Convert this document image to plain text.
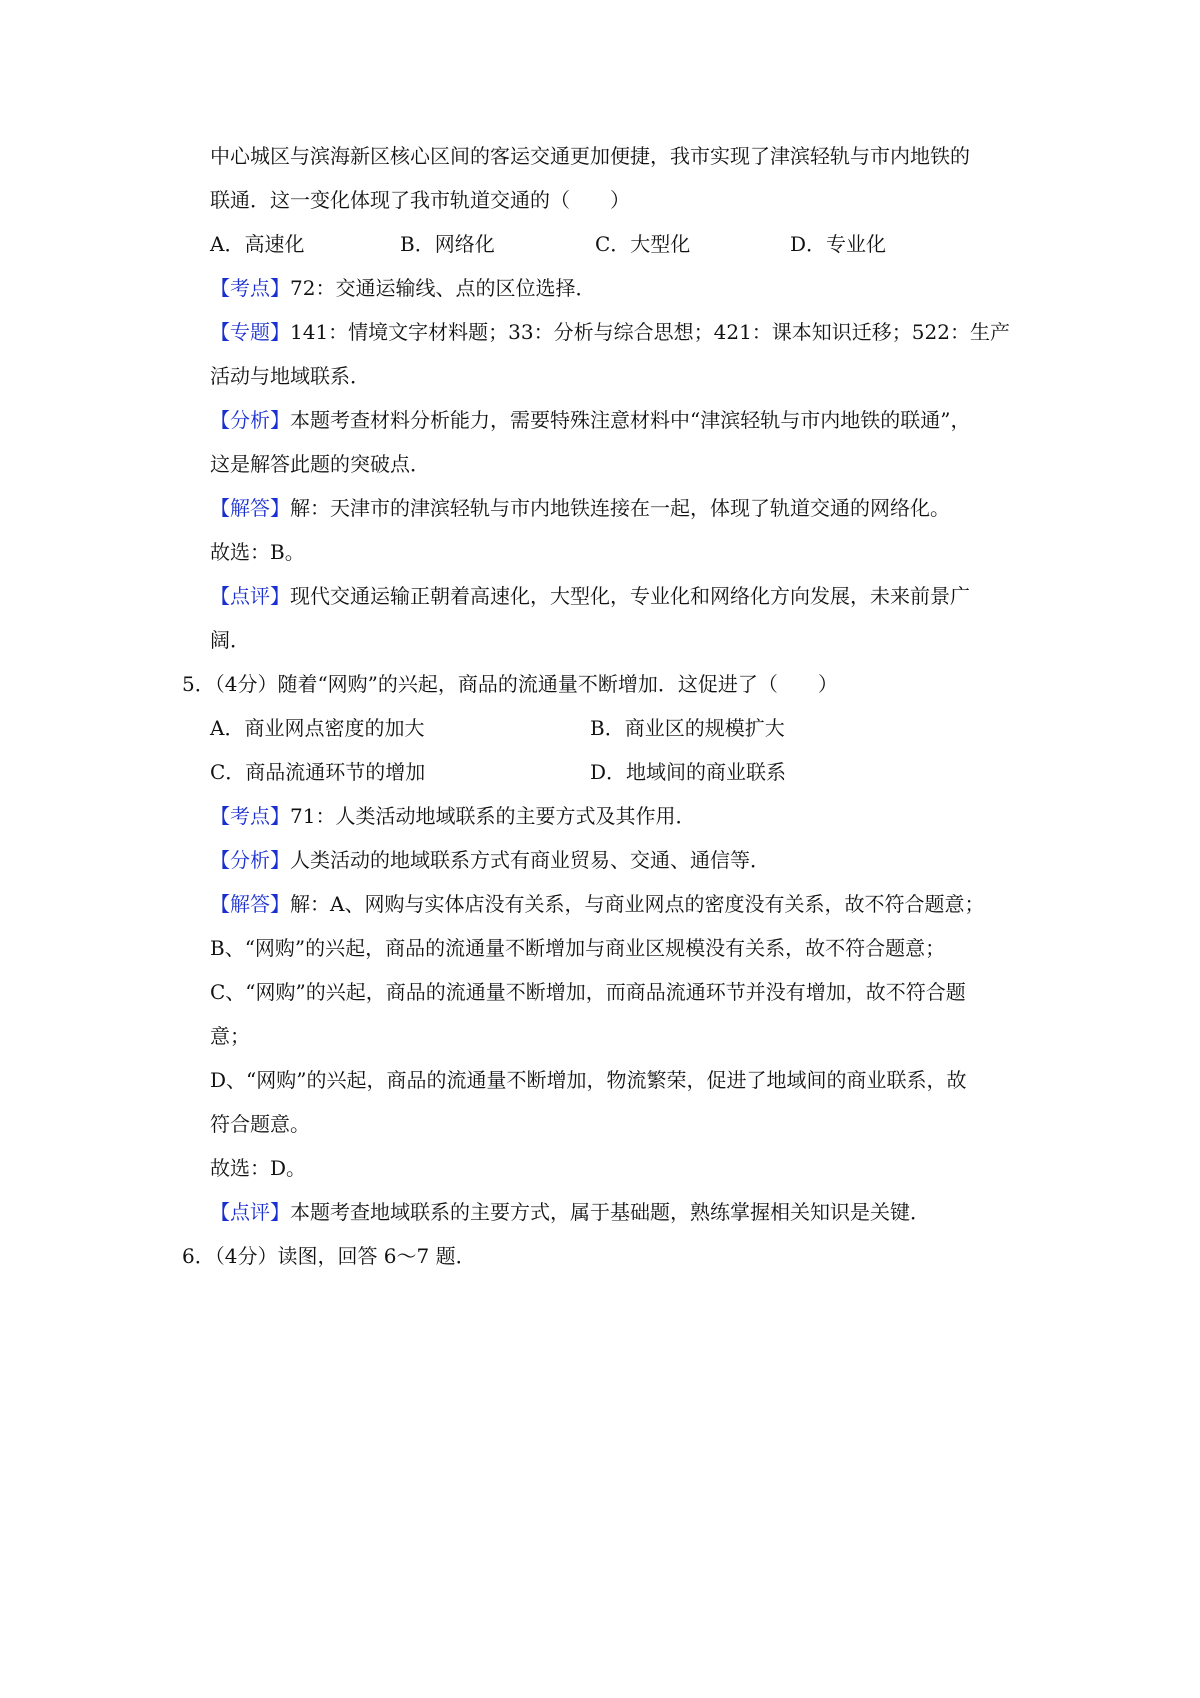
中心城区与滨海新区核心区间的客运交通更加便捷，我市实现了津滨轻轨与市内地铁的
联通．这一变化体现了我市轨道交通的（　　）
A．高速化	B．网络化	C．大型化	D．专业化
【考点】72：交通运输线、点的区位选择．
【专题】141：情境文字材料题；33：分析与综合思想；421：课本知识迁移；522：生产
活动与地域联系．
【分析】本题考查材料分析能力，需要特殊注意材料中“津滨轻轨与市内地铁的联通”，
这是解答此题的突破点．
【解答】解：天津市的津滨轻轨与市内地铁连接在一起，体现了轨道交通的网络化。
故选：B。
【点评】现代交通运输正朝着高速化，大型化，专业化和网络化方向发展，未来前景广
阔．
5．（4分）随着“网购”的兴起，商品的流通量不断增加．这促进了（　　）
A．商业网点密度的加大	B．商业区的规模扩大
C．商品流通环节的增加	D．地域间的商业联系
【考点】71：人类活动地域联系的主要方式及其作用．
【分析】人类活动的地域联系方式有商业贸易、交通、通信等．
【解答】解：A、网购与实体店没有关系，与商业网点的密度没有关系，故不符合题意；
B、“网购”的兴起，商品的流通量不断增加与商业区规模没有关系，故不符合题意；
C、“网购”的兴起，商品的流通量不断增加，而商品流通环节并没有增加，故不符合题
意；
D、“网购”的兴起，商品的流通量不断增加，物流繁荣，促进了地域间的商业联系，故
符合题意。
故选：D。
【点评】本题考查地域联系的主要方式，属于基础题，熟练掌握相关知识是关键．
6．（4分）读图，回答 6～7 题．
